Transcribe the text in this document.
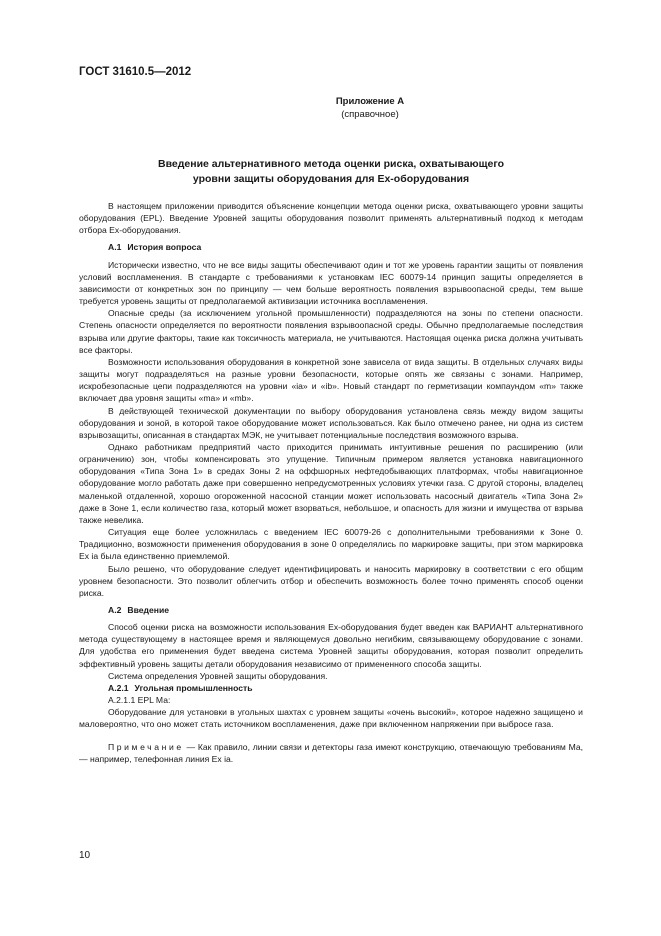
ГОСТ 31610.5—2012
Приложение А
(справочное)
Введение альтернативного метода оценки риска, охватывающего
уровни защиты оборудования для Ех-оборудования

В настоящем приложении приводится объяснение концепции метода оценки риска, охватывающего уровни защиты оборудования (EPL). Введение Уровней защиты оборудования позволит применять альтернативный подход к методам отбора Ех-оборудования.

А.1 История вопроса

Исторически известно, что не все виды защиты обеспечивают один и тот же уровень гарантии защиты от появления условий воспламенения. В стандарте с требованиями к установкам IEC 60079-14 принцип защиты определяется в зависимости от конкретных зон по принципу — чем больше вероятность появления взрывоопасной среды, тем выше требуется уровень защиты от предполагаемой активизации источника воспламенения.

Опасные среды (за исключением угольной промышленности) подразделяются на зоны по степени опасности. Степень опасности определяется по вероятности появления взрывоопасной среды. Обычно предполагаемые последствия взрыва или другие факторы, такие как токсичность материала, не учитываются. Настоящая оценка риска должна учитывать все факторы.

Возможности использования оборудования в конкретной зоне зависела от вида защиты. В отдельных случаях виды защиты могут подразделяться на разные уровни безопасности, которые опять же связаны с зонами. Например, искробезопасные цепи подразделяются на уровни «ia» и «ib». Новый стандарт по герметизации компаундом «m» также включает два уровня защиты «ma» и «mb».

В действующей технической документации по выбору оборудования установлена связь между видом защиты оборудования и зоной, в которой такое оборудование может использоваться. Как было отмечено ранее, ни одна из систем взрывозащиты, описанная в стандартах МЭК, не учитывает потенциальные последствия возможного взрыва.

Однако работникам предприятий часто приходится принимать интуитивные решения по расширению (или ограничению) зон, чтобы компенсировать это упущение. Типичным примером является установка навигационного оборудования «Типа Зона 1» в средах Зоны 2 на оффшорных нефтедобывающих платформах, чтобы навигационное оборудование могло работать даже при совершенно непредусмотренных условиях утечки газа. С другой стороны, владелец маленькой отдаленной, хорошо огороженной насосной станции может использовать насосный двигатель «Типа Зона 2» даже в Зоне 1, если количество газа, который может взорваться, небольшое, и опасность для жизни и имущества от взрыва также невелика.

Ситуация еще более усложнилась с введением IEC 60079-26 с дополнительными требованиями к Зоне 0. Традиционно, возможности применения оборудования в зоне 0 определялись по маркировке защиты, при этом маркировка Ех ia была единственно приемлемой.

Было решено, что оборудование следует идентифицировать и наносить маркировку в соответствии с его общим уровнем безопасности. Это позволит облегчить отбор и обеспечить возможность более точно применять способ оценки риска.

А.2 Введение

Способ оценки риска на возможности использования Ех-оборудования будет введен как ВАРИАНТ альтернативного метода существующему в настоящее время и являющемуся довольно негибким, связывающему оборудование с зонами. Для удобства его применения будет введена система Уровней защиты оборудования, которая позволит определить эффективный уровень защиты детали оборудования независимо от примененного способа защиты.

Система определения Уровней защиты оборудования.

А.2.1 Угольная промышленность

А.2.1.1 EPL Ма:

Оборудование для установки в угольных шахтах с уровнем защиты «очень высокий», которое надежно защищено и маловероятно, что оно может стать источником воспламенения, даже при включенном напряжении при выбросе газа.

Примечание — Как правило, линии связи и детекторы газа имеют конструкцию, отвечающую требованиям Ма, — например, телефонная линия Ех ia.

10
